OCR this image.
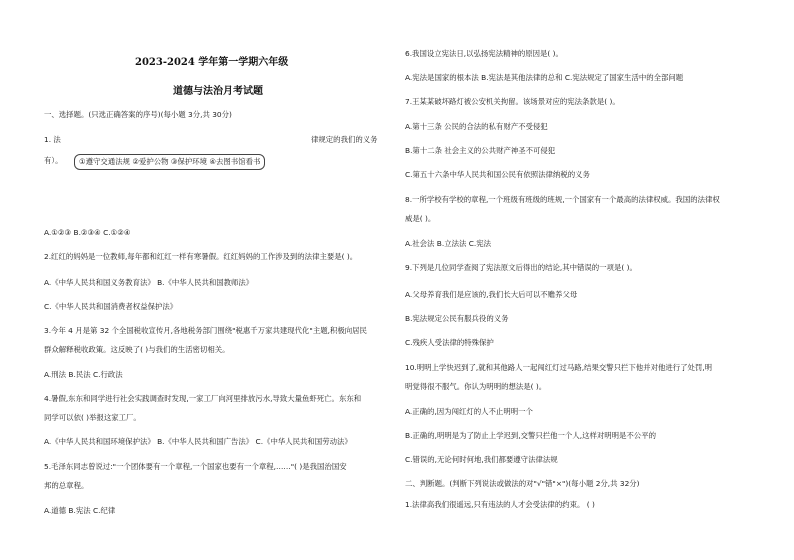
2023-2024 学年第一学期六年级
道德与法治月考试题
一、选择题。(只选正确答案的序号)(每小题 3分,共 30分)
1. 法	律规定的我们的义务
有）。	①遵守交通法规 ②爱护公物 ③保护环境 ④去图书馆看书
A.①②③ B.②③④ C.①②④
2.红红的妈妈是一位教师,每年都和红红一样有寒暑假。红红妈妈的工作涉及到的法律主要是( )。
A.《中华人民共和国义务教育法》 B.《中华人民共和国教师法》
C.《中华人民共和国消费者权益保护法》
3.今年 4 月是第 32 个全国税收宣传月,各地税务部门围绕"税惠千万家共建现代化"主题,积极向居民
群众解释税收政策。这反映了( )与我们的生活密切相关。
A.刑法 B.民法 C.行政法
4.暑假,东东和同学进行社会实践调查时发现,一家工厂向河里排放污水,导致大量鱼虾死亡。东东和
同学可以依( )举报这家工厂。
A.《中华人民共和国环境保护法》 B.《中华人民共和国广告法》 C.《中华人民共和国劳动法》
5.毛泽东同志曾说过:"一个团体要有一个章程,一个国家也要有一个章程,……"( )是我国治国安
邦的总章程。
A.道德 B.宪法 C.纪律
6.我国设立宪法日,以弘扬宪法精神的原因是( )。
A.宪法是国家的根本法 B.宪法是其他法律的总和 C.宪法规定了国家生活中的全部问题
7.王某某破坏路灯被公安机关拘留。该场景对应的宪法条款是( )。
A.第十三条 公民的合法的私有财产不受侵犯
B.第十二条 社会主义的公共财产神圣不可侵犯
C.第五十六条中华人民共和国公民有依照法律纳税的义务
8.一所学校有学校的章程,一个班级有班级的班规,一个国家有一个最高的法律权威。我国的法律权
威是( )。
A.社会法 B.立法法 C.宪法
9.下列是几位同学查阅了宪法原文后得出的结论,其中错误的一项是( )。
A.父母养育我们是应该的,我们长大后可以不赡养父母
B.宪法规定公民有服兵役的义务
C.残疾人受法律的特殊保护
10.明明上学快迟到了,就和其他路人一起闯红灯过马路,结果交警只拦下他并对他进行了处罚,明
明觉得很不服气。你认为明明的想法是( )。
A.正确的,因为闯红灯的人不止明明一个
B.正确的,明明是为了防止上学迟到,交警只拦他一个人,这样对明明是不公平的
C.错误的,无论何时何地,我们都要遵守法律法规
二、判断题。(判断下列说法或做法的对"√"错"×")(每小题 2分,共 32分)
1.法律高我们很遥远,只有违法的人才会受法律的约束。 ( )
